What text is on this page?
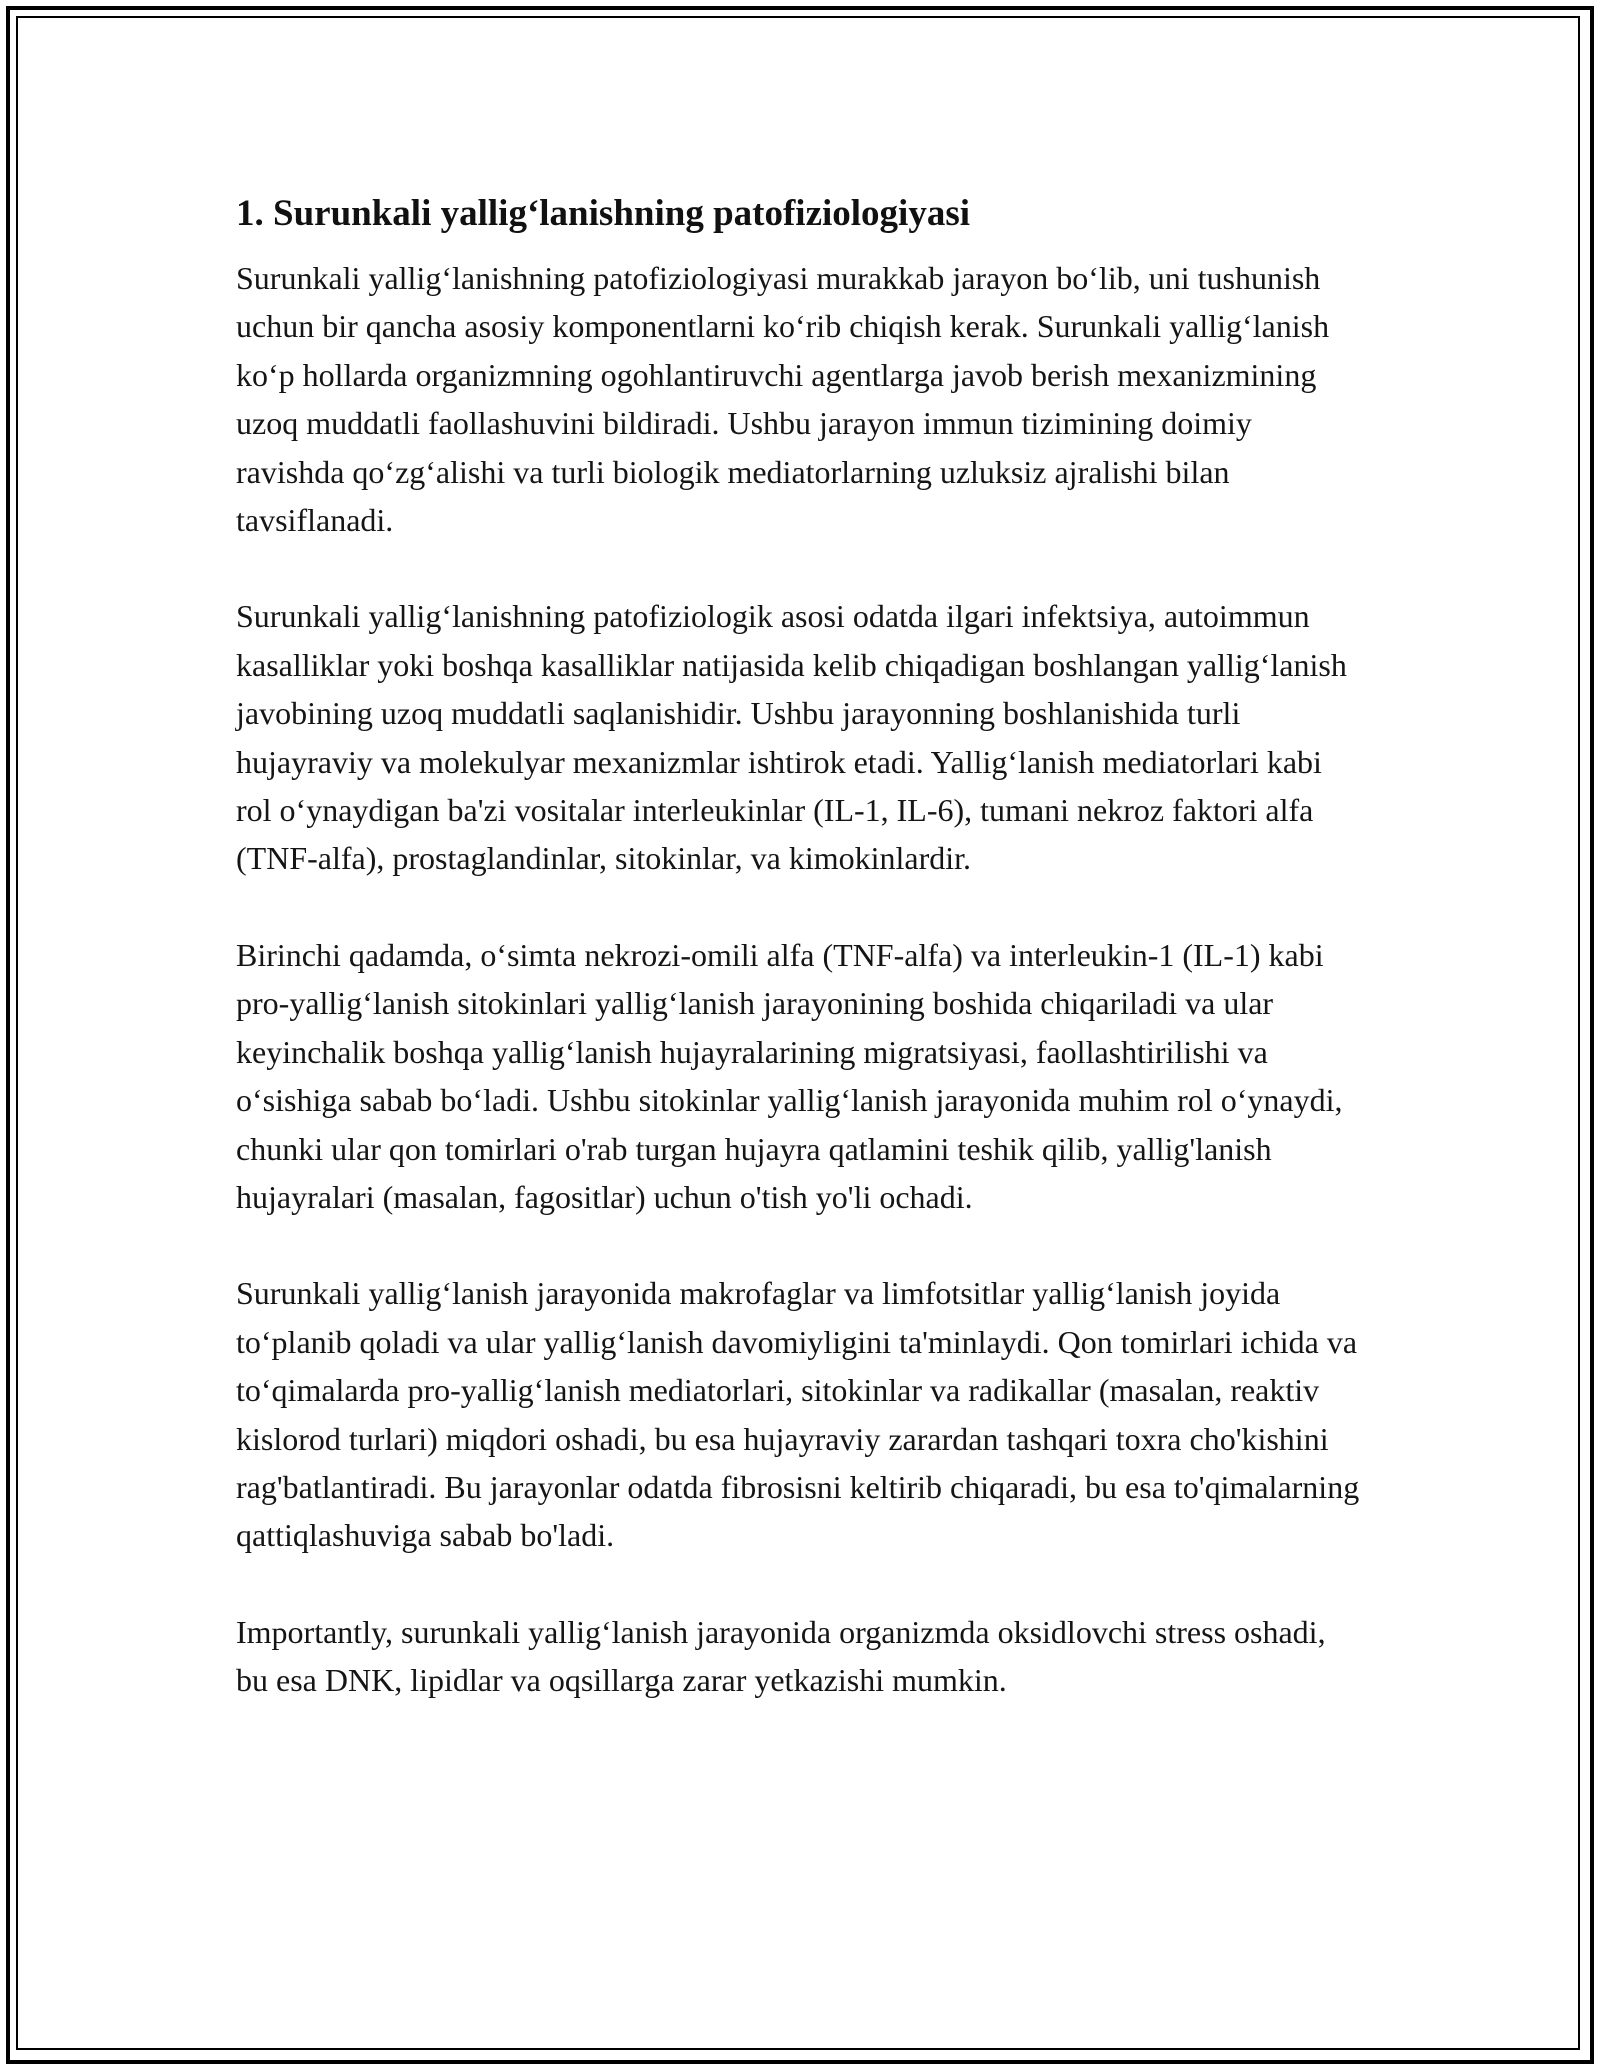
1. Surunkali yallig‘lanishning patofiziologiyasi

Surunkali yallig‘lanishning patofiziologiyasi murakkab jarayon bo‘lib, uni tushunish uchun bir qancha asosiy komponentlarni ko‘rib chiqish kerak. Surunkali yallig‘lanish ko‘p hollarda organizmning ogohlantiruvchi agentlarga javob berish mexanizmining uzoq muddatli faollashuvini bildiradi. Ushbu jarayon immun tizimining doimiy ravishda qo‘zg‘alishi va turli biologik mediatorlarning uzluksiz ajralishi bilan tavsiflanadi.

Surunkali yallig‘lanishning patofiziologik asosi odatda ilgari infektsiya, autoimmun kasalliklar yoki boshqa kasalliklar natijasida kelib chiqadigan boshlangan yallig‘lanish javobining uzoq muddatli saqlanishidir. Ushbu jarayonning boshlanishida turli hujayraviy va molekulyar mexanizmlar ishtirok etadi. Yallig‘lanish mediatorlari kabi rol o‘ynaydigan ba'zi vositalar interleukinlar (IL-1, IL-6), tumani nekroz faktori alfa (TNF-alfa), prostaglandinlar, sitokinlar, va kimokinlardir.

Birinchi qadamda, o‘simta nekrozi-omili alfa (TNF-alfa) va interleukin-1 (IL-1) kabi pro-yallig‘lanish sitokinlari yallig‘lanish jarayonining boshida chiqariladi va ular keyinchalik boshqa yallig‘lanish hujayralarining migratsiyasi, faollashtirilishi va o‘sishiga sabab bo‘ladi. Ushbu sitokinlar yallig‘lanish jarayonida muhim rol o‘ynaydi, chunki ular qon tomirlari o'rab turgan hujayra qatlamini teshik qilib, yallig'lanish hujayralari (masalan, fagositlar) uchun o'tish yo'li ochadi.

Surunkali yallig‘lanish jarayonida makrofaglar va limfotsitlar yallig‘lanish joyida to‘planib qoladi va ular yallig‘lanish davomiyligini ta'minlaydi. Qon tomirlari ichida va to‘qimalarda pro-yallig‘lanish mediatorlari, sitokinlar va radikallar (masalan, reaktiv kislorod turlari) miqdori oshadi, bu esa hujayraviy zarardan tashqari toxra cho'kishini rag'batlantiradi. Bu jarayonlar odatda fibrosisni keltirib chiqaradi, bu esa to'qimalarning qattiqlashuviga sabab bo'ladi.

Importantly, surunkali yallig‘lanish jarayonida organizmda oksidlovchi stress oshadi, bu esa DNK, lipidlar va oqsillarga zarar yetkazishi mumkin.
